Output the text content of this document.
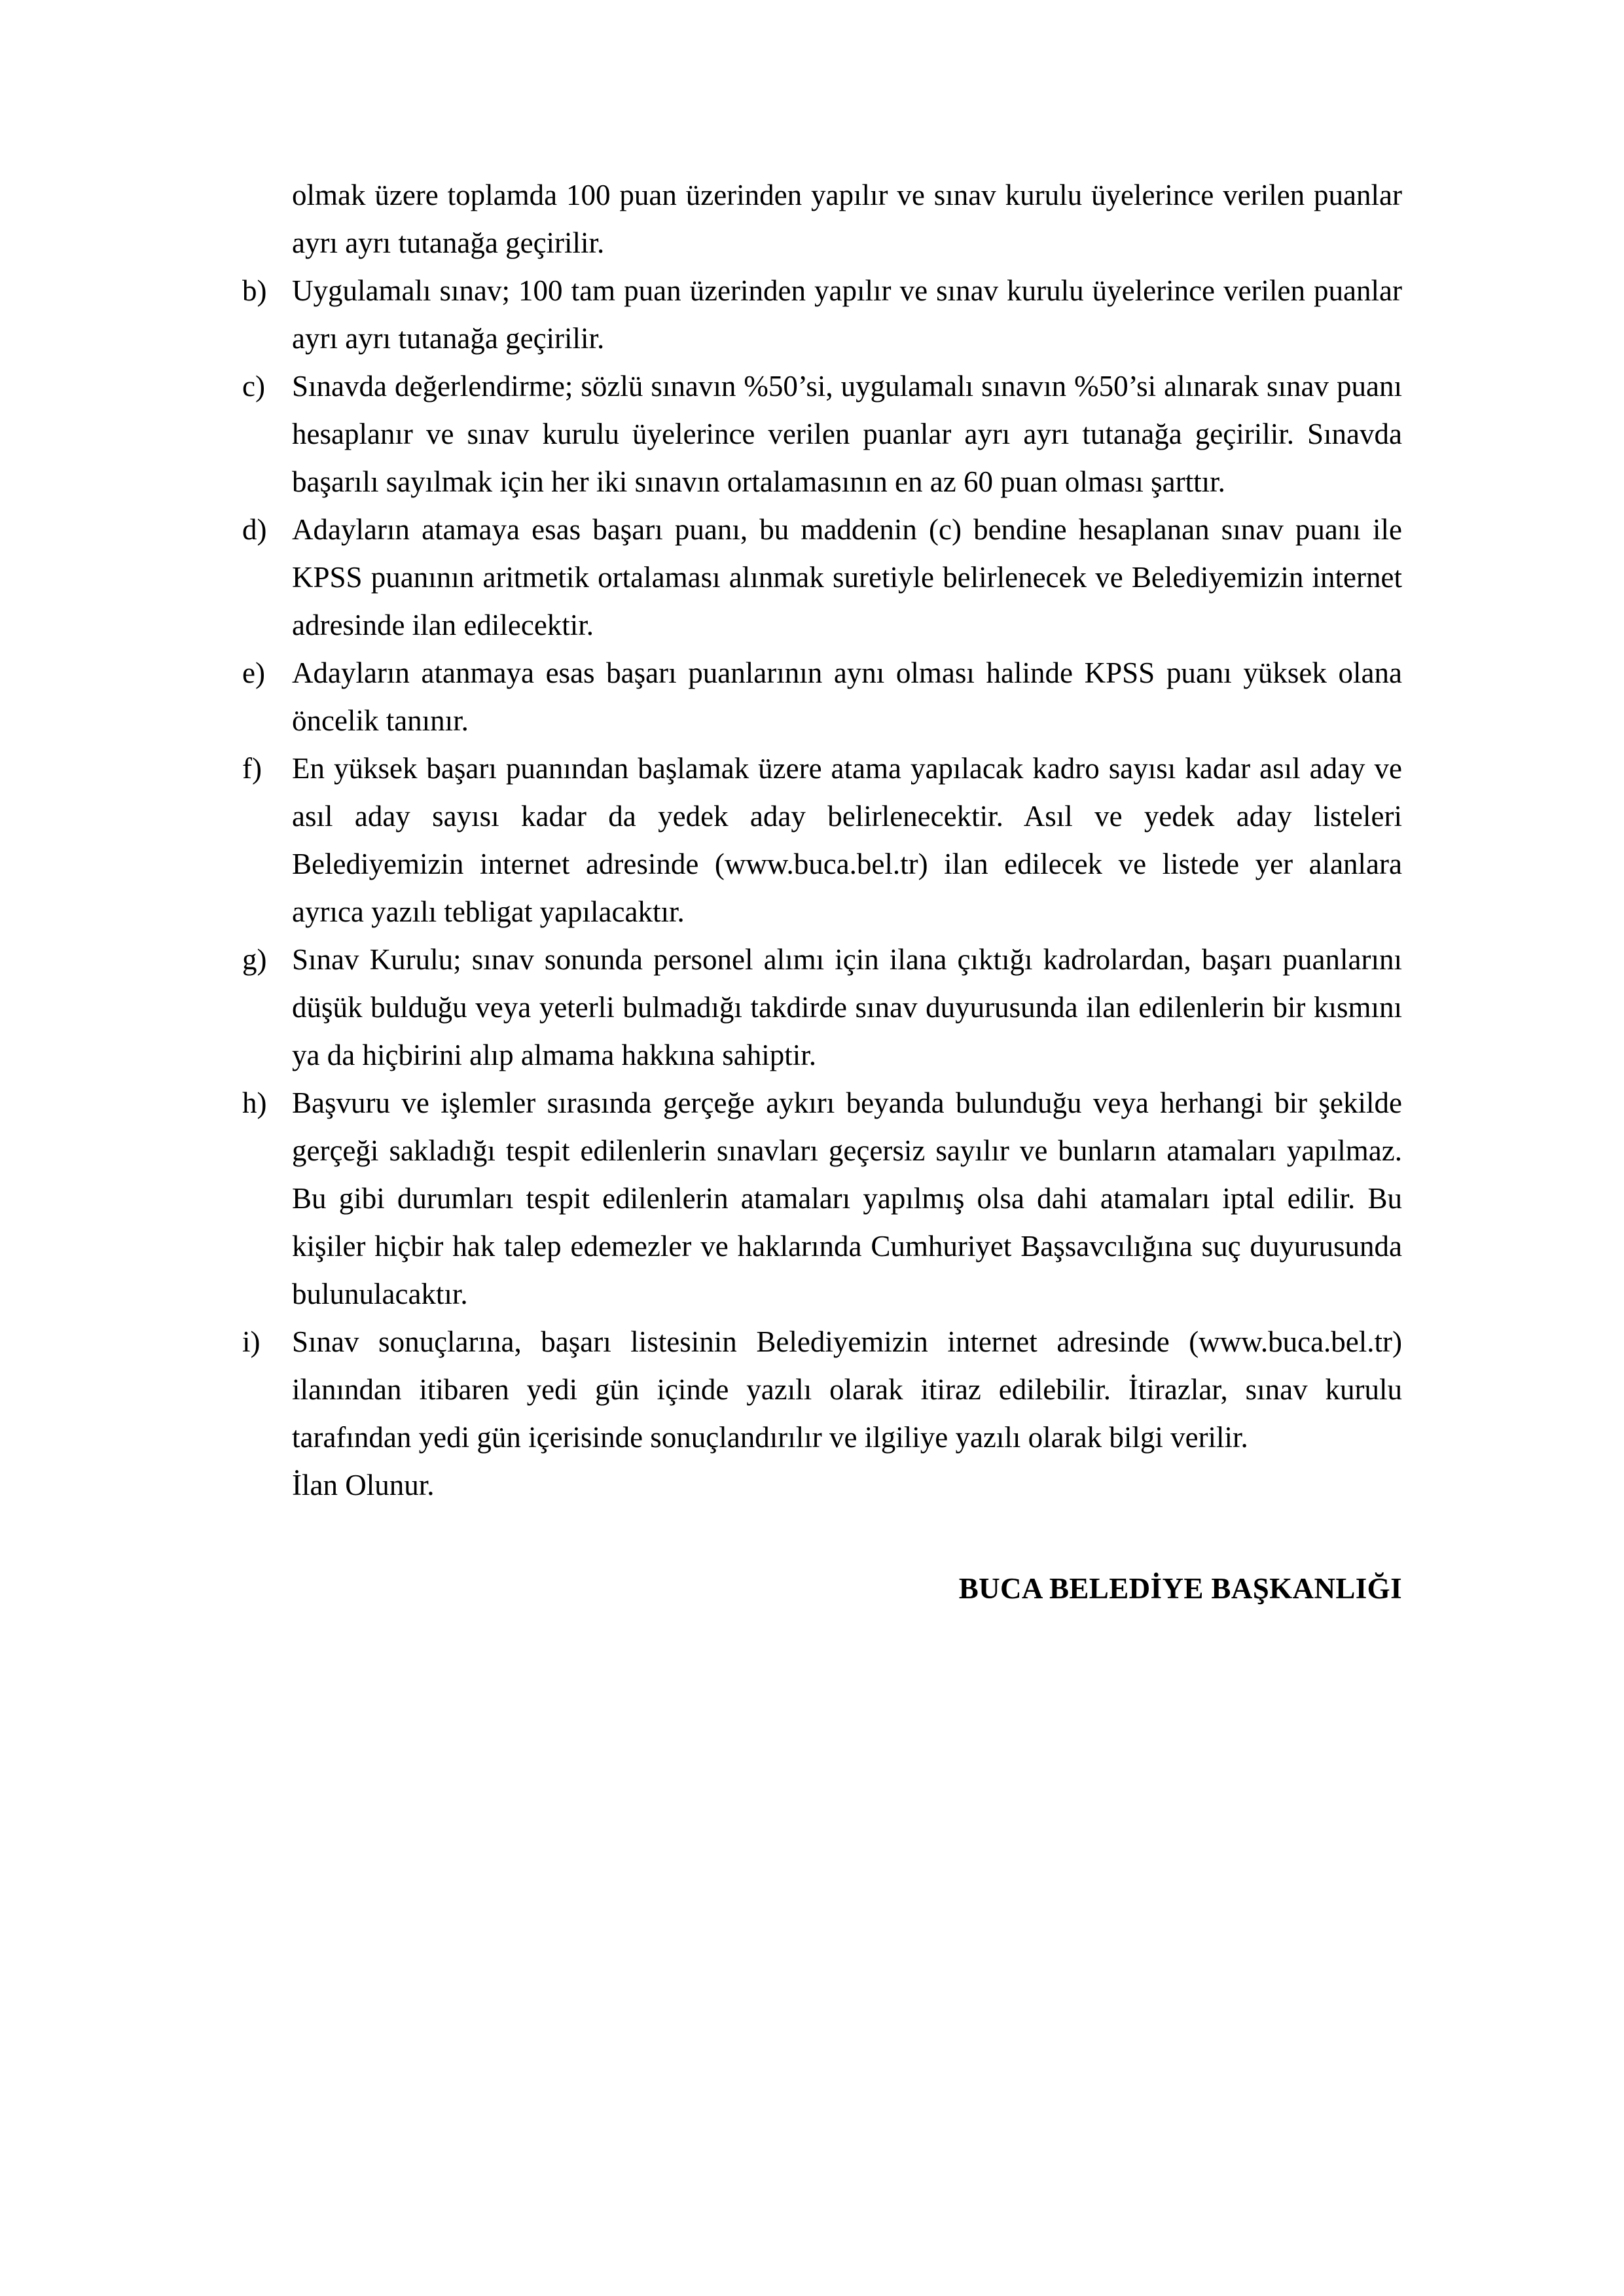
olmak üzere toplamda 100 puan üzerinden yapılır ve sınav kurulu üyelerince verilen puanlar ayrı ayrı tutanağa geçirilir.

b) Uygulamalı sınav; 100 tam puan üzerinden yapılır ve sınav kurulu üyelerince verilen puanlar ayrı ayrı tutanağa geçirilir.
c) Sınavda değerlendirme; sözlü sınavın %50’si, uygulamalı sınavın %50’si alınarak sınav puanı hesaplanır ve sınav kurulu üyelerince verilen puanlar ayrı ayrı tutanağa geçirilir. Sınavda başarılı sayılmak için her iki sınavın ortalamasının en az 60 puan olması şarttır.
d) Adayların atamaya esas başarı puanı, bu maddenin (c) bendine hesaplanan sınav puanı ile KPSS puanının aritmetik ortalaması alınmak suretiyle belirlenecek ve Belediyemizin internet adresinde ilan edilecektir.
e) Adayların atanmaya esas başarı puanlarının aynı olması halinde KPSS puanı yüksek olana öncelik tanınır.
f)	En yüksek başarı puanından başlamak üzere atama yapılacak kadro sayısı kadar asıl aday ve asıl aday sayısı kadar da yedek aday belirlenecektir. Asıl ve yedek aday listeleri Belediyemizin internet adresinde (www.buca.bel.tr) ilan edilecek ve listede yer alanlara ayrıca yazılı tebligat yapılacaktır.
g) Sınav Kurulu; sınav sonunda personel alımı için ilana çıktığı kadrolardan, başarı puanlarını düşük bulduğu veya yeterli bulmadığı takdirde sınav duyurusunda ilan edilenlerin bir kısmını ya da hiçbirini alıp almama hakkına sahiptir.
h) Başvuru ve işlemler sırasında gerçeğe aykırı beyanda bulunduğu veya herhangi bir şekilde gerçeği sakladığı tespit edilenlerin sınavları geçersiz sayılır ve bunların atamaları yapılmaz. Bu gibi durumları tespit edilenlerin atamaları yapılmış olsa dahi atamaları iptal edilir. Bu kişiler hiçbir hak talep edemezler ve haklarında Cumhuriyet Başsavcılığına suç duyurusunda bulunulacaktır.
i)	Sınav sonuçlarına, başarı listesinin Belediyemizin internet adresinde (www.buca.bel.tr) ilanından itibaren yedi gün içinde yazılı olarak itiraz edilebilir. İtirazlar, sınav kurulu tarafından yedi gün içerisinde sonuçlandırılır ve ilgiliye yazılı olarak bilgi verilir.

İlan Olunur.

BUCA BELEDİYE BAŞKANLIĞI
